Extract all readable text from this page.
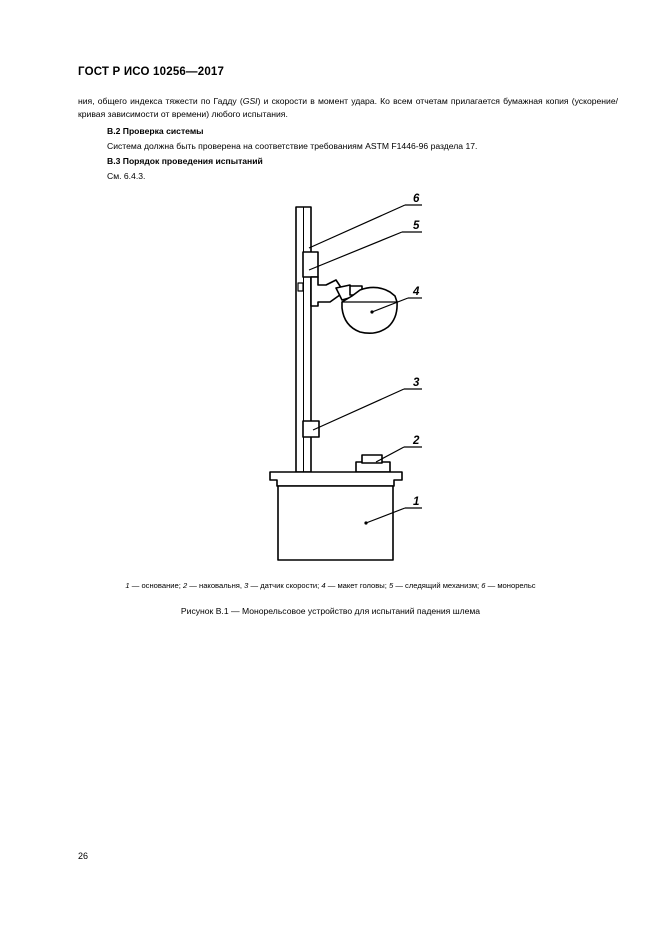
ГОСТ Р ИСО 10256—2017
ния, общего индекса тяжести по Гадду (GSI) и скорости в момент удара. Ко всем отчетам прилагается бумажная копия (ускорение/кривая зависимости от времени) любого испытания.
В.2 Проверка системы
Система должна быть проверена на соответствие требованиям ASTM F1446-96 раздела 17.
В.3 Порядок проведения испытаний
См. 6.4.3.
6
5
4
3
2
1
1 — основание; 2 — наковальня, 3 — датчик скорости; 4 — макет головы; 5 — следящий механизм; 6 — монорельс
Рисунок В.1 — Монорельсовое устройство для испытаний падения шлема
26
